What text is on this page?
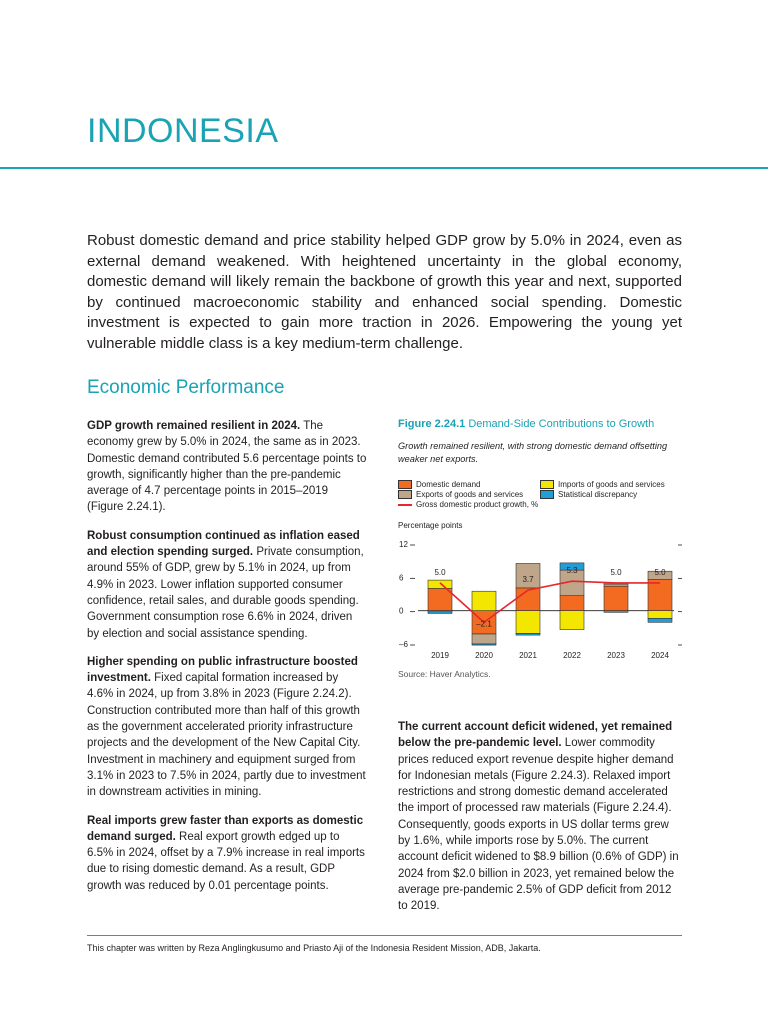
INDONESIA

Robust domestic demand and price stability helped GDP grow by 5.0% in 2024, even as external demand weakened. With heightened uncertainty in the global economy, domestic demand will likely remain the backbone of growth this year and next, supported by continued macroeconomic stability and enhanced social spending. Domestic investment is expected to gain more traction in 2026. Empowering the young yet vulnerable middle class is a key medium-term challenge.

Economic Performance

GDP growth remained resilient in 2024. The economy grew by 5.0% in 2024, the same as in 2023. Domestic demand contributed 5.6 percentage points to growth, significantly higher than the pre-pandemic average of 4.7 percentage points in 2015–2019 (Figure 2.24.1).

Robust consumption continued as inflation eased and election spending surged. Private consumption, around 55% of GDP, grew by 5.1% in 2024, up from 4.9% in 2023. Lower inflation supported consumer confidence, retail sales, and durable goods spending. Government consumption rose 6.6% in 2024, driven by election and social assistance spending.

Higher spending on public infrastructure boosted investment. Fixed capital formation increased by 4.6% in 2024, up from 3.8% in 2023 (Figure 2.24.2). Construction contributed more than half of this growth as the government accelerated priority infrastructure projects and the development of the New Capital City. Investment in machinery and equipment surged from 3.1% in 2023 to 7.5% in 2024, partly due to investment in downstream activities in mining.

Real imports grew faster than exports as domestic demand surged. Real export growth edged up to 6.5% in 2024, offset by a 7.9% increase in real imports due to rising domestic demand. As a result, GDP growth was reduced by 0.01 percentage points.

Figure 2.24.1 Demand-Side Contributions to Growth
Growth remained resilient, with strong domestic demand offsetting weaker net exports.
Domestic demand	Imports of goods and services
Exports of goods and services	Statistical discrepancy
Gross domestic product growth, %
Percentage points
12
6
0
–6
2019	2020	2021	2022	2023	2024
5.0
–2.1
3.7
5.3	5.0	5.0
Source: Haver Analytics.

The current account deficit widened, yet remained below the pre-pandemic level. Lower commodity prices reduced export revenue despite higher demand for Indonesian metals (Figure 2.24.3). Relaxed import restrictions and strong domestic demand accelerated the import of processed raw materials (Figure 2.24.4). Consequently, goods exports in US dollar terms grew by 1.6%, while imports rose by 5.0%. The current account deficit widened to $8.9 billion (0.6% of GDP) in 2024 from $2.0 billion in 2023, yet remained below the average pre-pandemic 2.5% of GDP deficit from 2012 to 2019.

This chapter was written by Reza Anglingkusumo and Priasto Aji of the Indonesia Resident Mission, ADB, Jakarta.
